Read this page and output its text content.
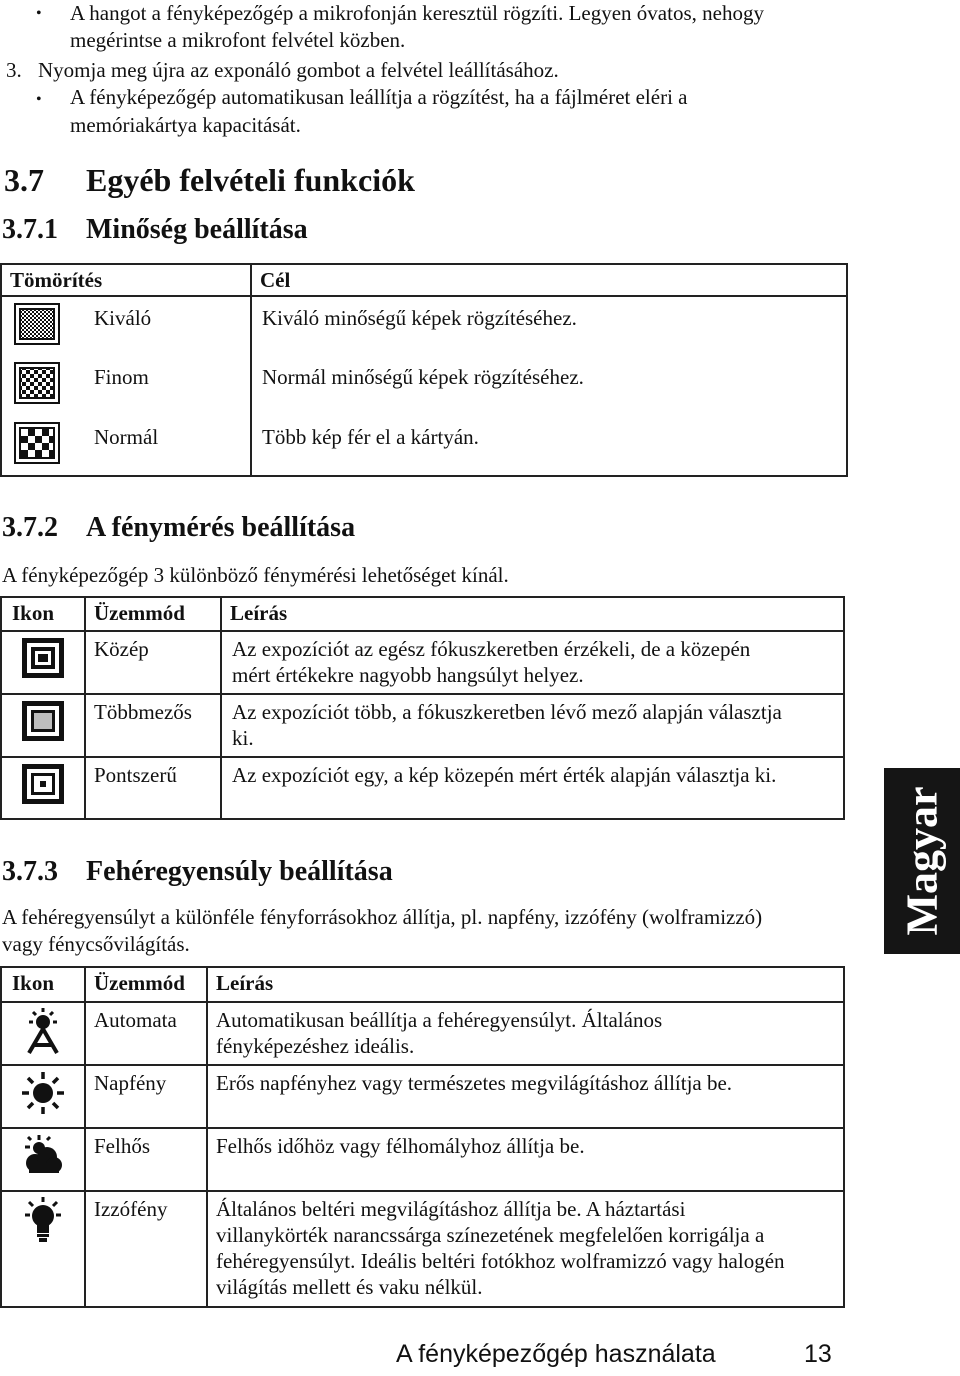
• A hangot a fényképezőgép a mikrofonján keresztül rögzíti. Legyen óvatos, nehogy
megérintse a mikrofont felvétel közben.
3. Nyomja meg újra az exponáló gombot a felvétel leállításához.
• A fényképezőgép automatikusan leállítja a rögzítést, ha a fájlméret eléri a
memóriakártya kapacitását.
3.7 Egyéb felvételi funkciók
3.7.1 Minőség beállítása
Tömörítés	Cél

Kiváló	Kiváló minőségű képek rögzítéséhez.

Finom	Normál minőségű képek rögzítéséhez.

Normál	Több kép fér el a kártyán.
3.7.2 A fénymérés beállítása
A fényképezőgép 3 különböző fénymérési lehetőséget kínál.
Ikon	Üzemmód	Leírás

	Közép	Az expozíciót az egész fókuszkeretben érzékeli, de a közepén
mért értékekre nagyobb hangsúlyt helyez.

	Többmezős	Az expozíciót több, a fókuszkeretben lévő mező alapján választja
ki.

	Pontszerű	Az expozíciót egy, a kép közepén mért érték alapján választja ki.
3.7.3 Fehéregyensúly beállítása
A fehéregyensúlyt a különféle fényforrásokhoz állítja, pl. napfény, izzófény (wolframizzó)
vagy fénycsővilágítás.
Ikon	Üzemmód	Leírás

	Automata	Automatikusan beállítja a fehéregyensúlyt. Általános
fényképezéshez ideális.

	Napfény	Erős napfényhez vagy természetes megvilágításhoz állítja be.

	Felhős	Felhős időhöz vagy félhomályhoz állítja be.

	Izzófény	Általános beltéri megvilágításhoz állítja be. A háztartási
villanykörték narancssárga színezetének megfelelően korrigálja a
fehéregyensúlyt. Ideális beltéri fotókhoz wolframizzó vagy halogén
világítás mellett és vaku nélkül.
Magyar
A fényképezőgép használata	13
